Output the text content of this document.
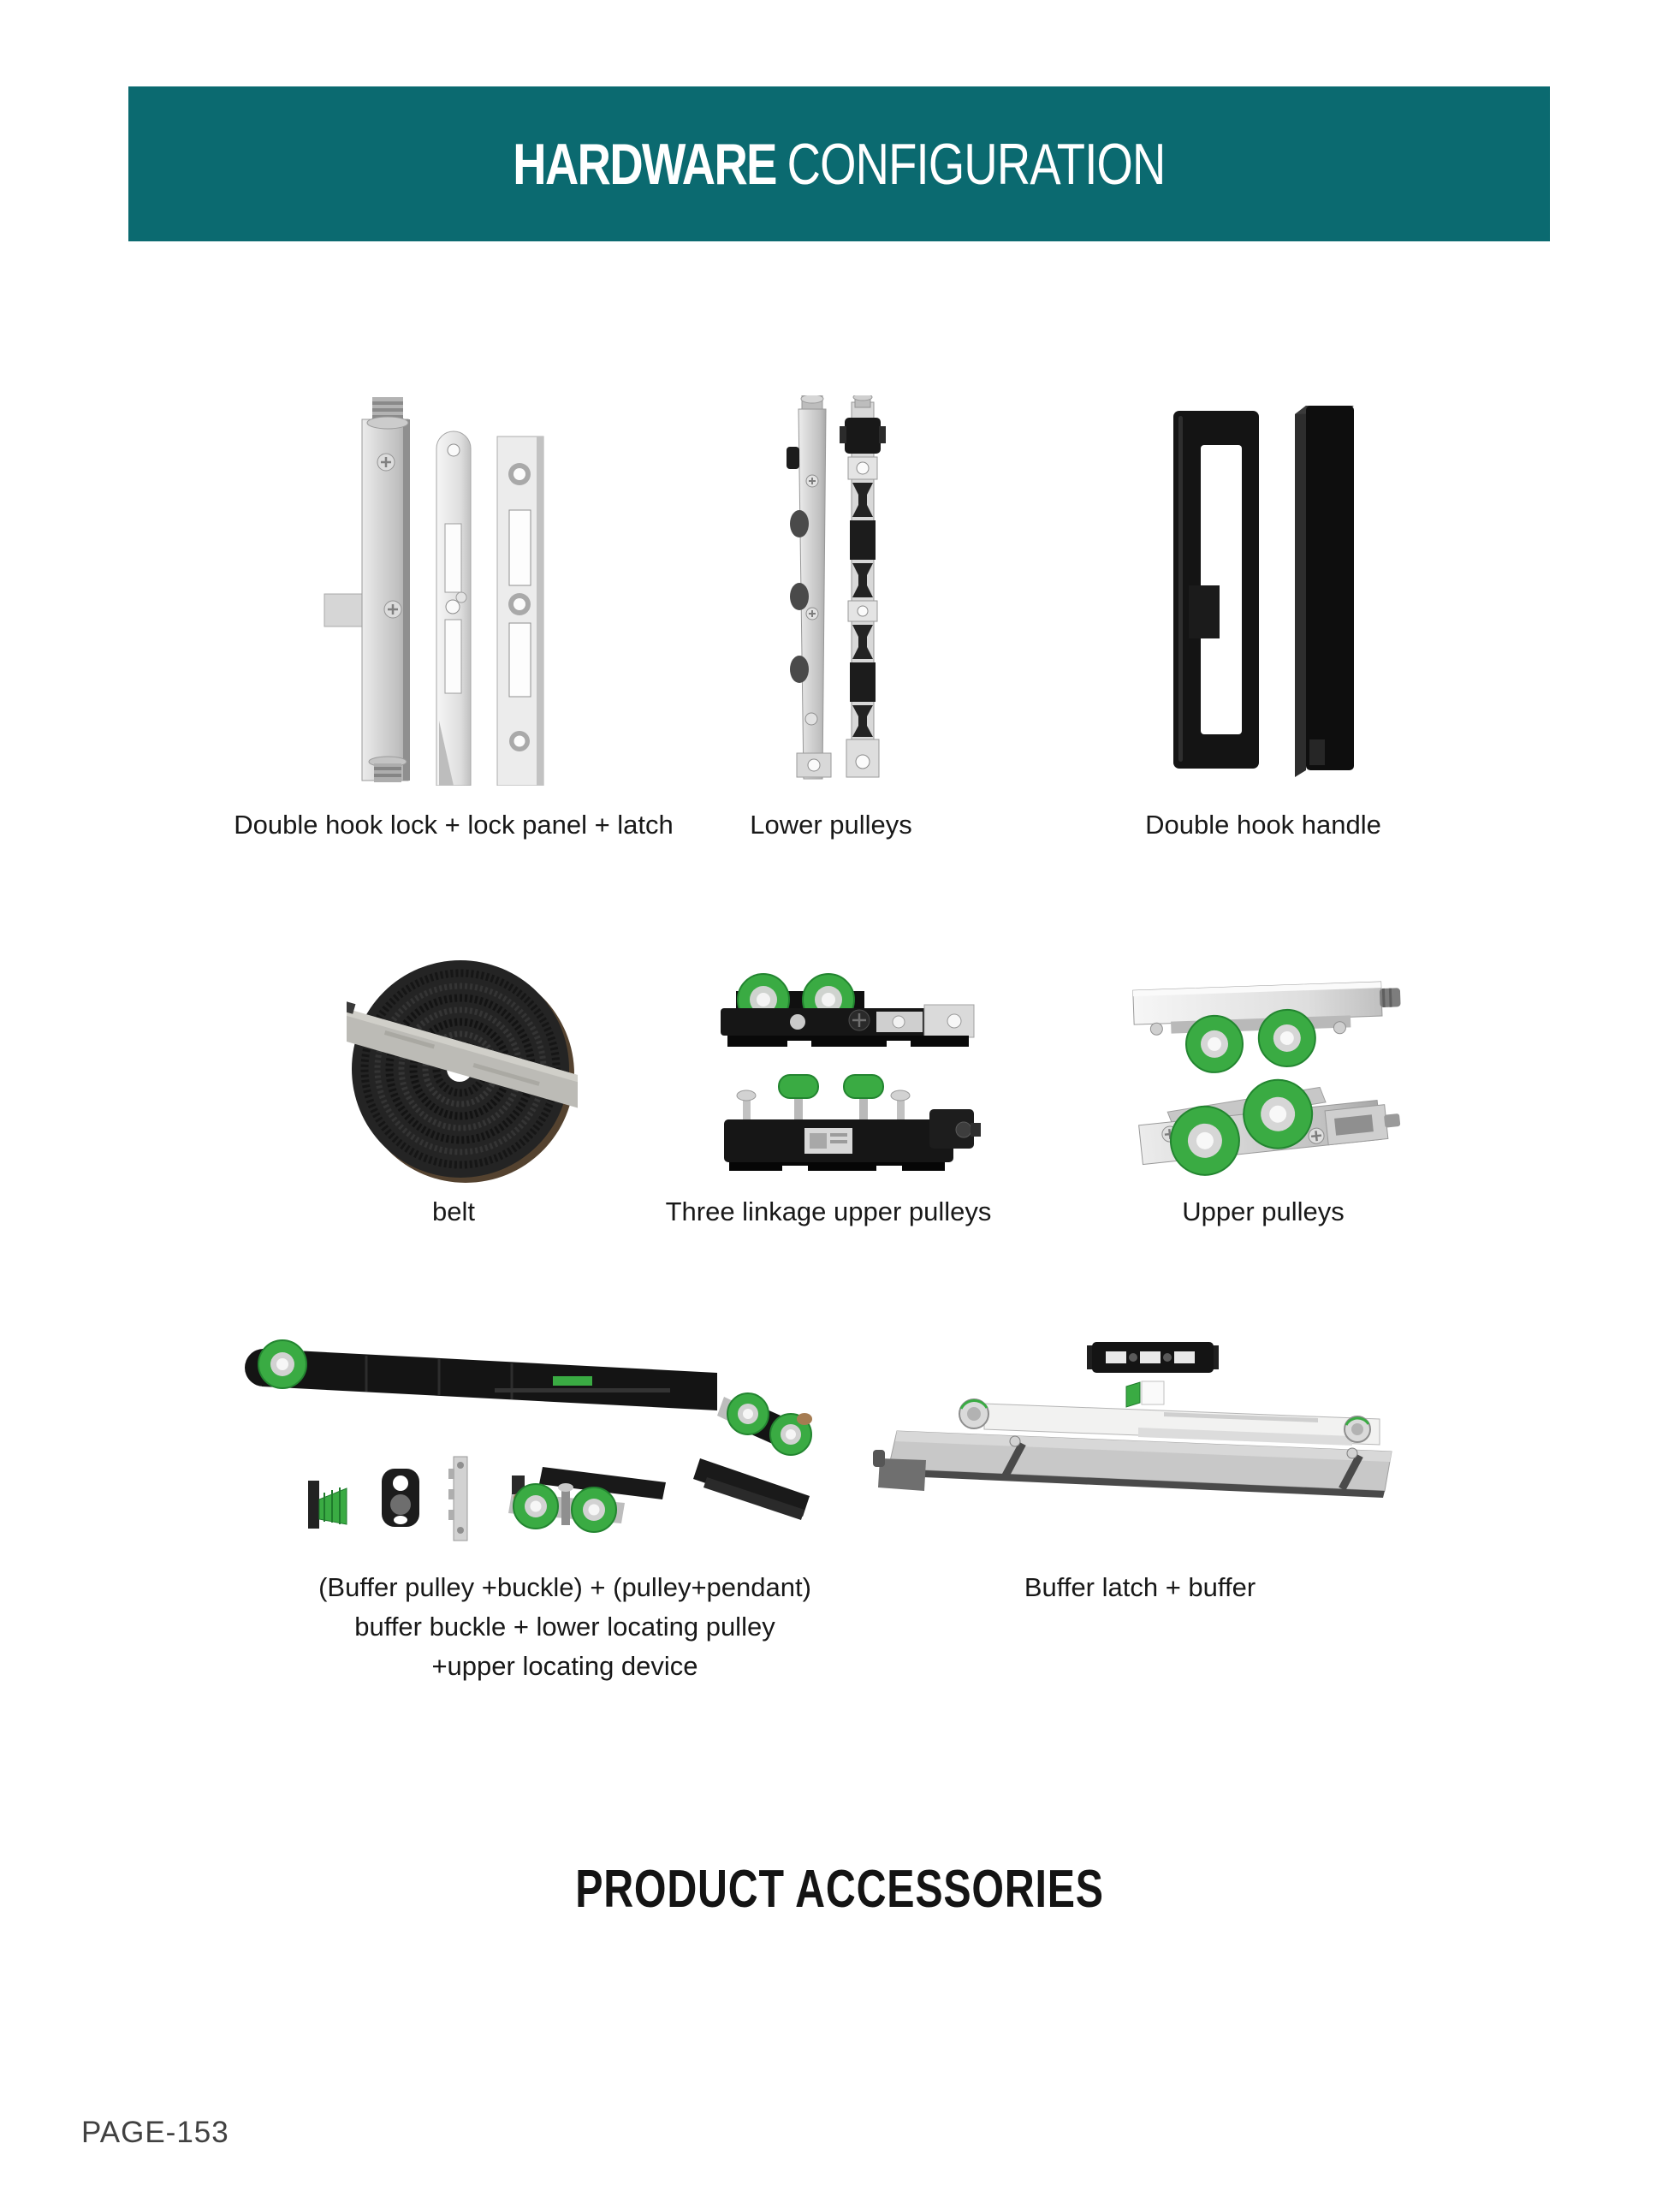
HARDWARE CONFIGURATION
Double hook lock + lock panel + latch	Lower pulleys	Double hook handle
belt	Three linkage upper pulleys	Upper pulleys
(Buffer pulley +buckle) + (pulley+pendant)
buffer buckle + lower locating pulley
+upper locating device
Buffer latch + buffer
PRODUCT ACCESSORIES
PAGE-153
